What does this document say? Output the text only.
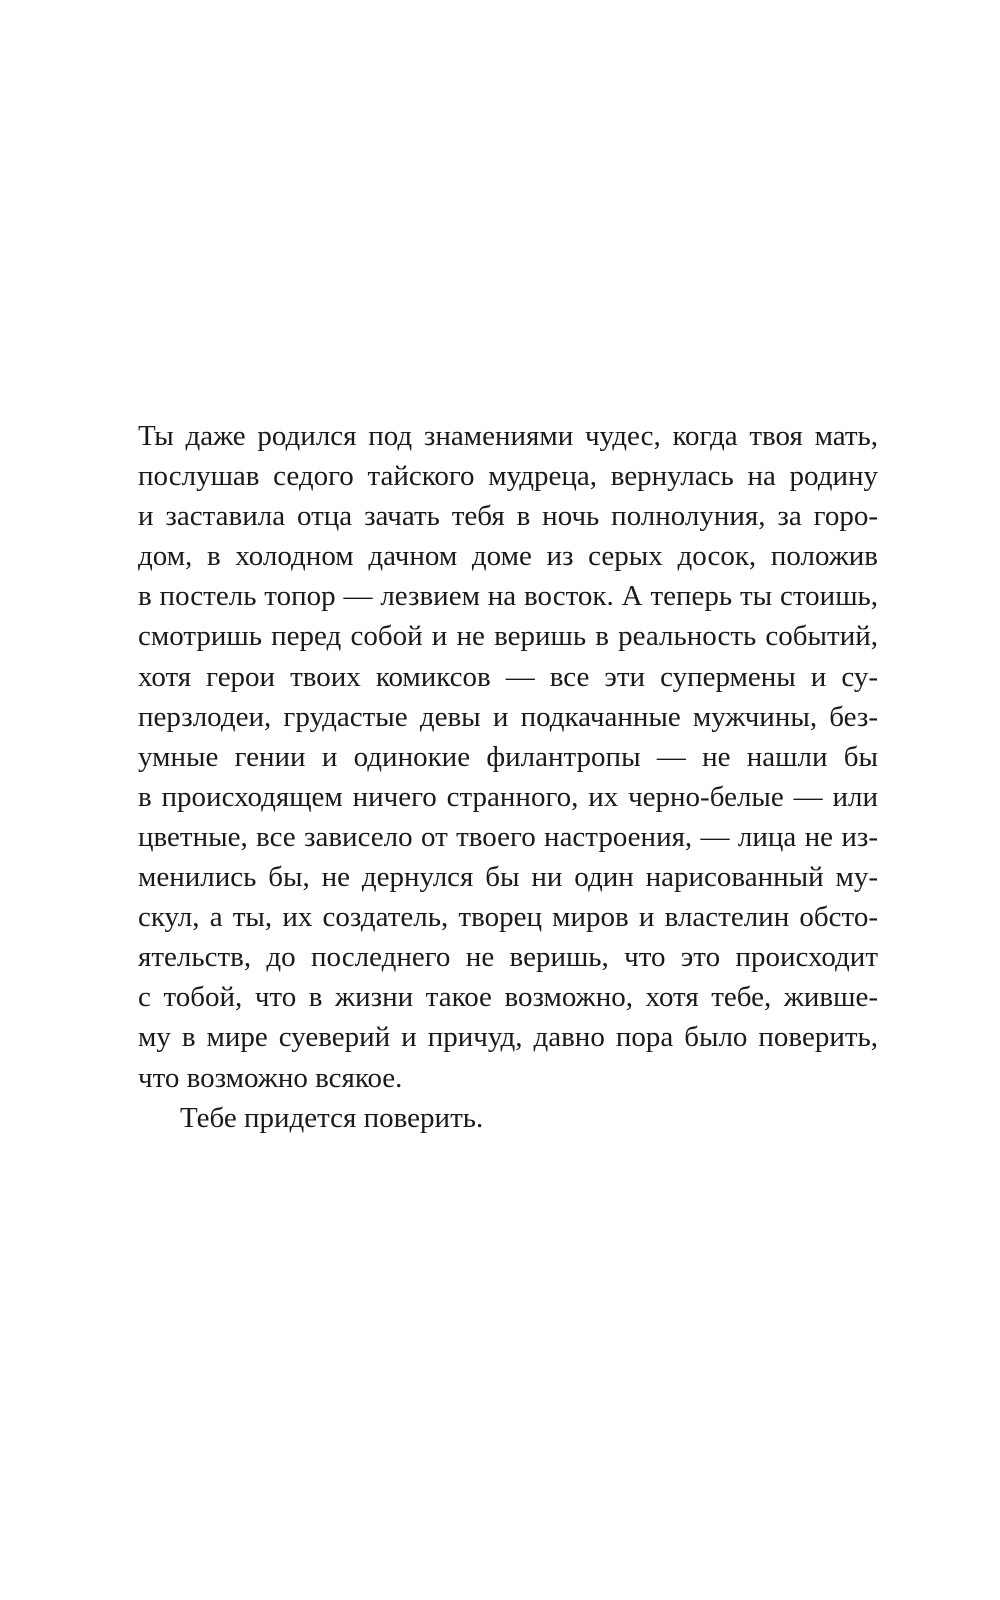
Ты даже родился под знамениями чудес, когда твоя мать,
послушав седого тайского мудреца, вернулась на родину
и заставила отца зачать тебя в ночь полнолуния, за горо-
дом, в холодном дачном доме из серых досок, положив
в постель топор — лезвием на восток. А теперь ты стоишь,
смотришь перед собой и не веришь в реальность событий,
хотя герои твоих комиксов — все эти супермены и су-
перзлодеи, грудастые девы и подкачанные мужчины, без-
умные гении и одинокие филантропы — не нашли бы
в происходящем ничего странного, их черно-белые — или
цветные, все зависело от твоего настроения, — лица не из-
менились бы, не дернулся бы ни один нарисованный му-
скул, а ты, их создатель, творец миров и властелин обсто-
ятельств, до последнего не веришь, что это происходит
с тобой, что в жизни такое возможно, хотя тебе, живше-
му в мире суеверий и причуд, давно пора было поверить,
что возможно всякое.
Тебе придется поверить.
